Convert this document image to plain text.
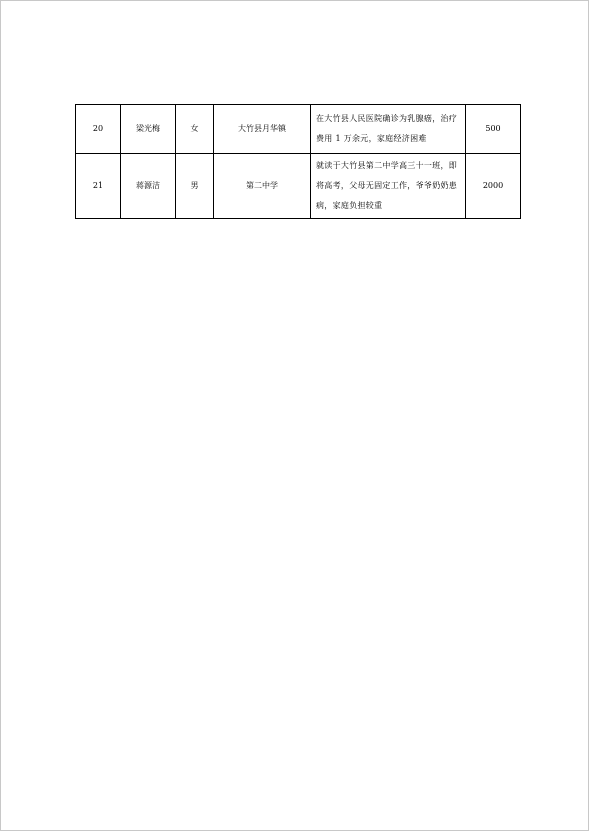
20	梁光梅	女	大竹县月华镇	在大竹县人民医院确诊为乳腺癌，治疗费用 1 万余元，家庭经济困难	500

21	蒋源洁	男	第二中学	就读于大竹县第二中学高三十一班，即将高考，父母无固定工作，爷爷奶奶患病，家庭负担较重	2000
